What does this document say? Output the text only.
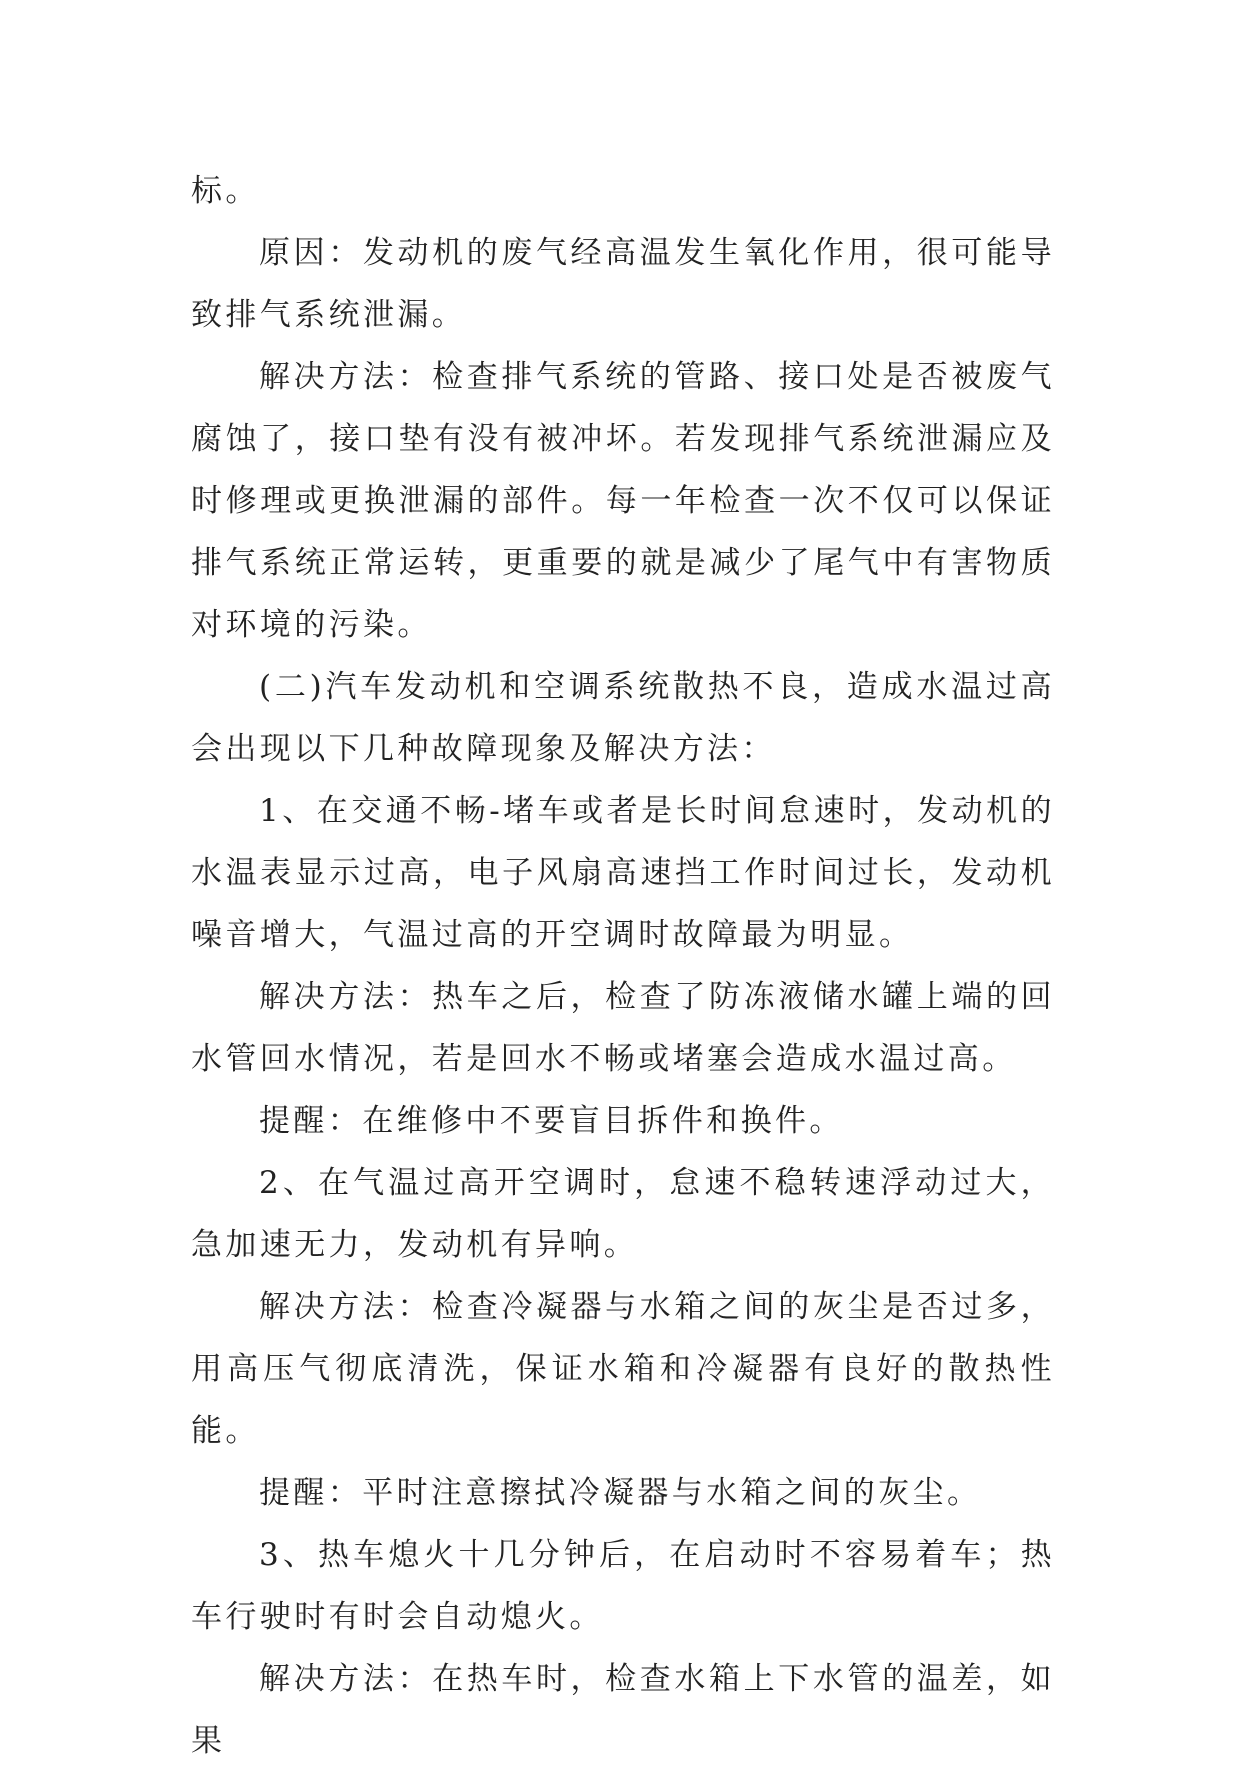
标。

原因：发动机的废气经高温发生氧化作用，很可能导致排气系统泄漏。

解决方法：检查排气系统的管路、接口处是否被废气腐蚀了，接口垫有没有被冲坏。若发现排气系统泄漏应及时修理或更换泄漏的部件。每一年检查一次不仅可以保证排气系统正常运转，更重要的就是减少了尾气中有害物质对环境的污染。

(二)汽车发动机和空调系统散热不良，造成水温过高会出现以下几种故障现象及解决方法：

1、在交通不畅-堵车或者是长时间怠速时，发动机的水温表显示过高，电子风扇高速挡工作时间过长，发动机噪音增大，气温过高的开空调时故障最为明显。

解决方法：热车之后，检查了防冻液储水罐上端的回水管回水情况，若是回水不畅或堵塞会造成水温过高。

提醒：在维修中不要盲目拆件和换件。

2、在气温过高开空调时，怠速不稳转速浮动过大，急加速无力，发动机有异响。

解决方法：检查冷凝器与水箱之间的灰尘是否过多，用高压气彻底清洗，保证水箱和冷凝器有良好的散热性能。

提醒：平时注意擦拭冷凝器与水箱之间的灰尘。

3、热车熄火十几分钟后，在启动时不容易着车；热车行驶时有时会自动熄火。

解决方法：在热车时，检查水箱上下水管的温差，如果
